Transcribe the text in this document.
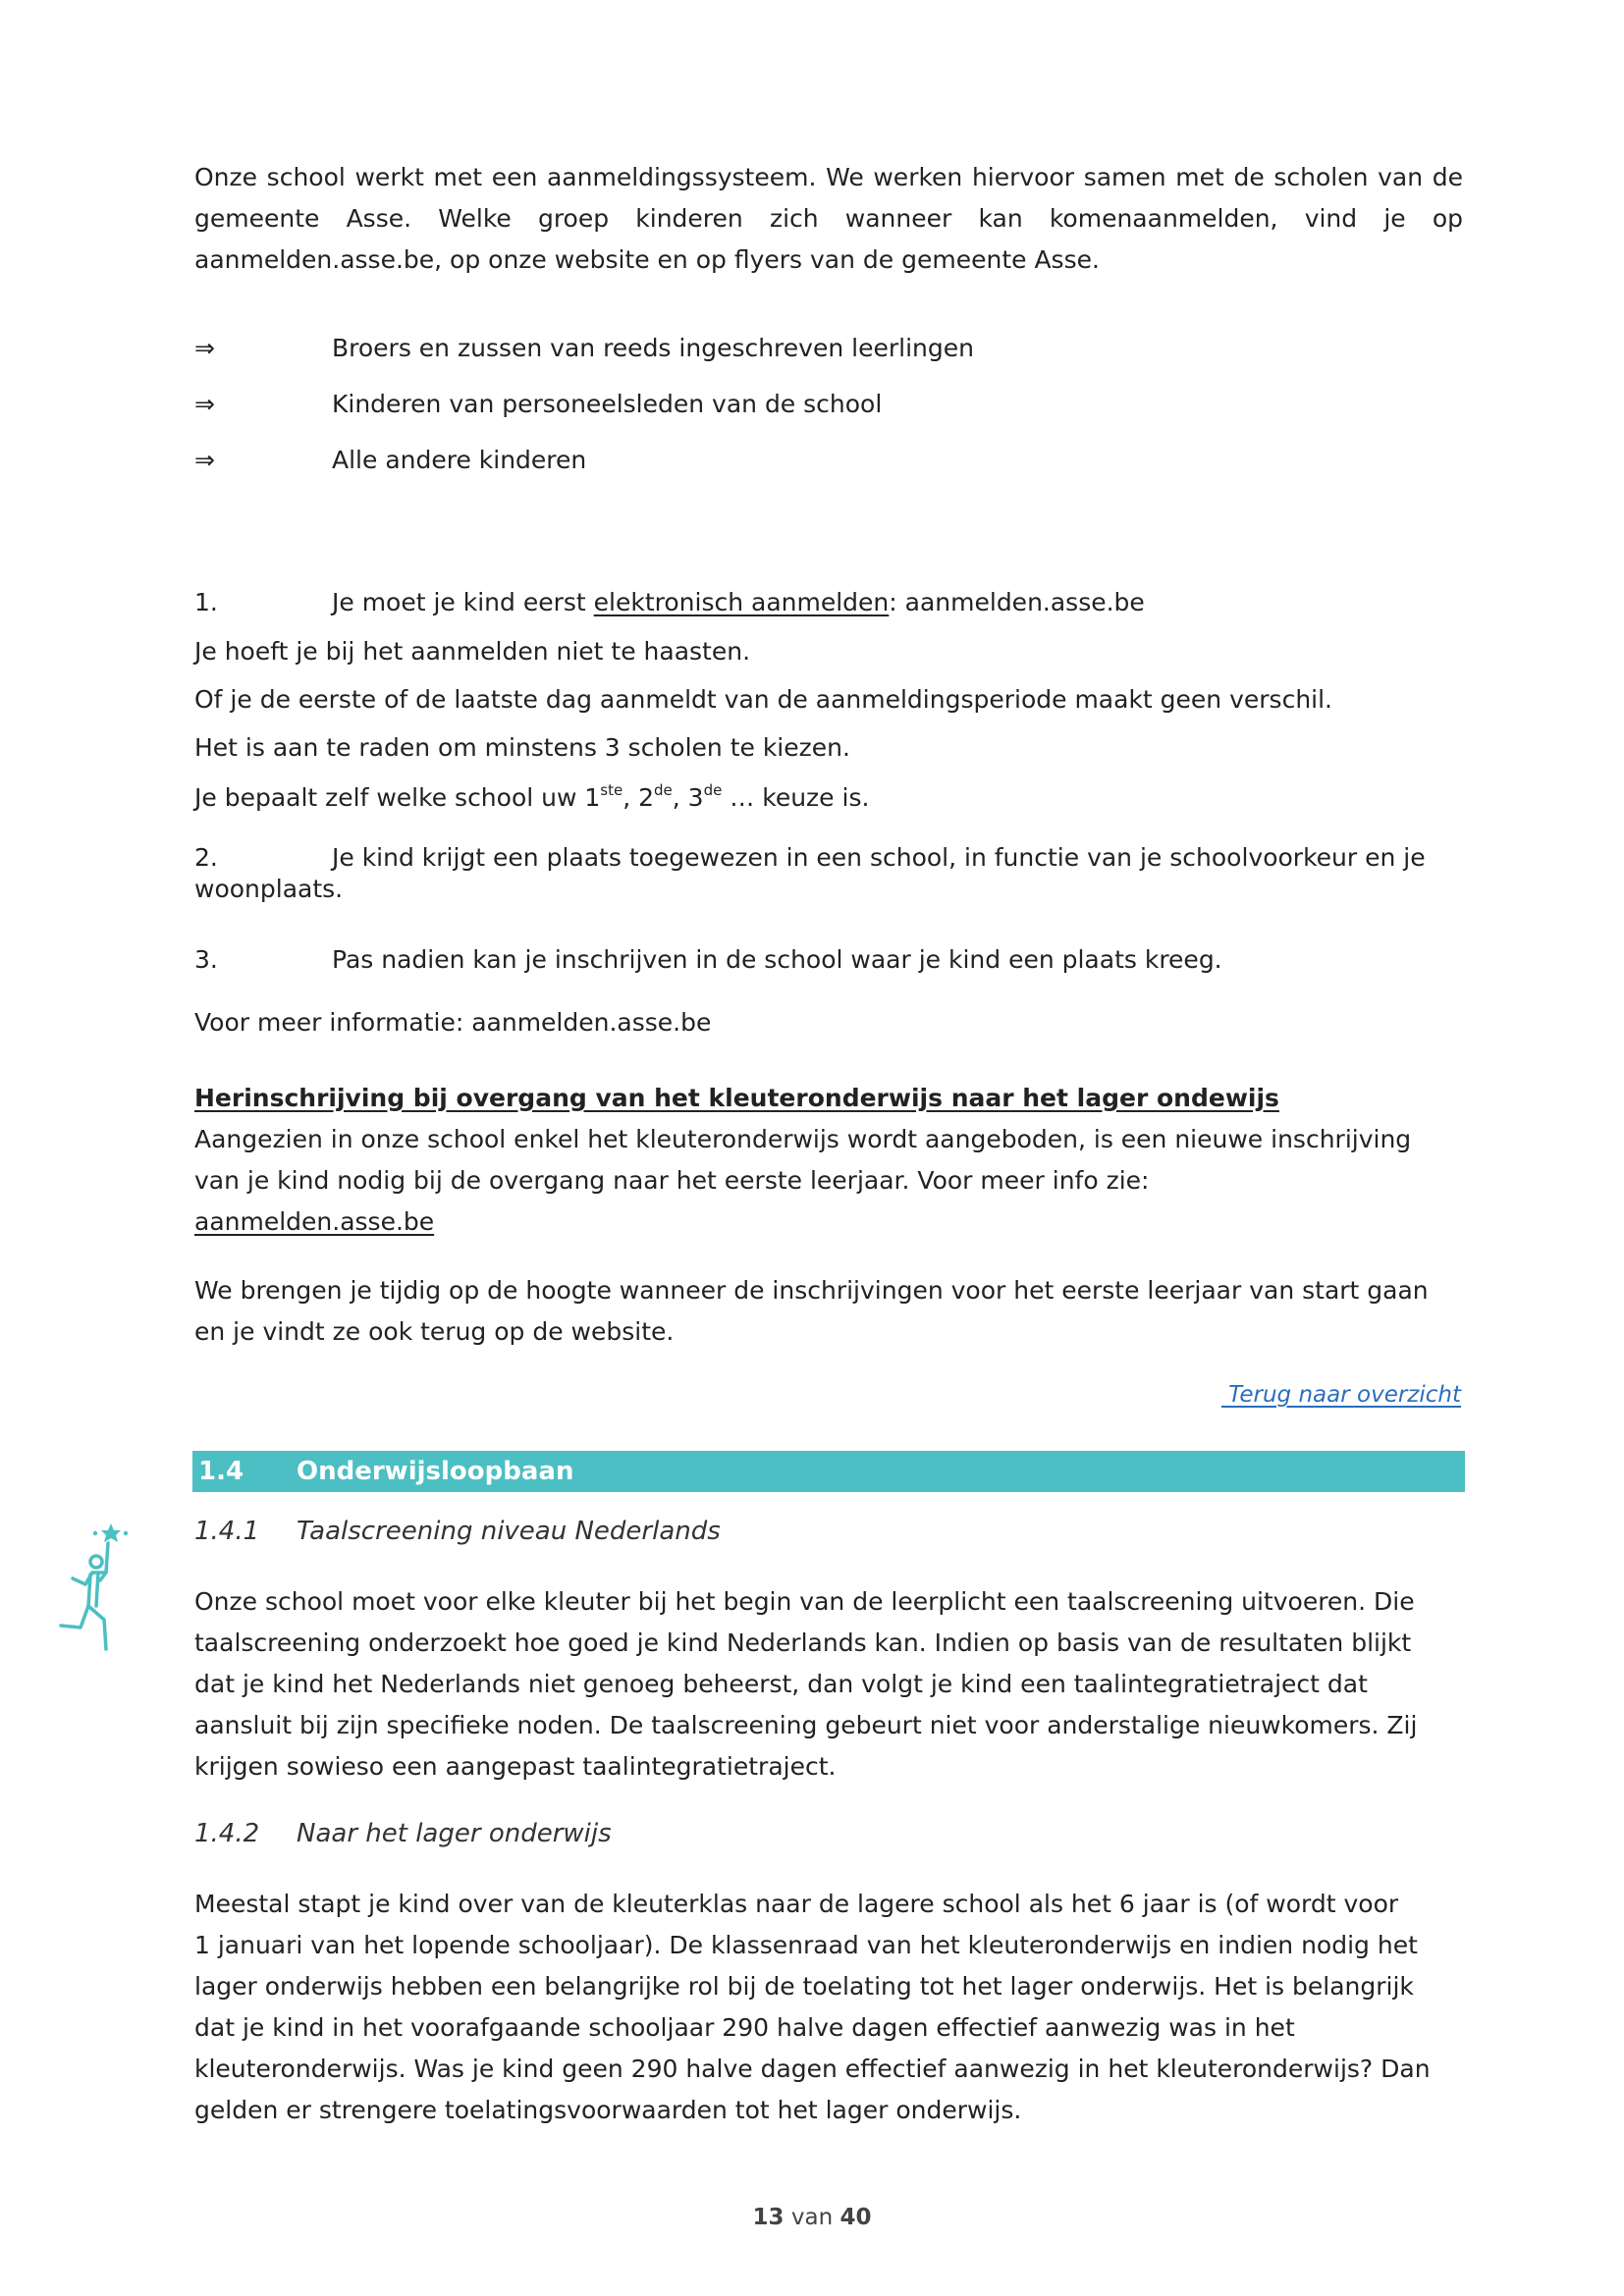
Onze school werkt met een aanmeldingssysteem. We werken hiervoor samen met de scholen van de

gemeente Asse. Welke groep kinderen zich wanneer kan komenaanmelden, vind je op

aanmelden.asse.be, op onze website en op flyers van de gemeente Asse.

⇒	Broers en zussen van reeds ingeschreven leerlingen
⇒	Kinderen van personeelsleden van de school
⇒	Alle andere kinderen
1.	Je moet je kind eerst elektronisch aanmelden: aanmelden.asse.be
Je hoeft je bij het aanmelden niet te haasten.
Of je de eerste of de laatste dag aanmeldt van de aanmeldingsperiode maakt geen verschil.
Het is aan te raden om minstens 3 scholen te kiezen.
Je bepaalt zelf welke school uw 1ste, 2de, 3de … keuze is.
2.	Je kind krijgt een plaats toegewezen in een school, in functie van je schoolvoorkeur en je
woonplaats.
3.	Pas nadien kan je inschrijven in de school waar je kind een plaats kreeg.
Voor meer informatie: aanmelden.asse.be
Herinschrijving bij overgang van het kleuteronderwijs naar het lager ondewijs
Aangezien in onze school enkel het kleuteronderwijs wordt aangeboden, is een nieuwe inschrijving
van je kind nodig bij de overgang naar het eerste leerjaar. Voor meer info zie:
aanmelden.asse.be
We brengen je tijdig op de hoogte wanneer de inschrijvingen voor het eerste leerjaar van start gaan
en je vindt ze ook terug op de website.
Terug naar overzicht
1.4 Onderwijsloopbaan
1.4.1 Taalscreening niveau Nederlands
Onze school moet voor elke kleuter bij het begin van de leerplicht een taalscreening uitvoeren. Die
taalscreening onderzoekt hoe goed je kind Nederlands kan. Indien op basis van de resultaten blijkt
dat je kind het Nederlands niet genoeg beheerst, dan volgt je kind een taalintegratietraject dat
aansluit bij zijn specifieke noden. De taalscreening gebeurt niet voor anderstalige nieuwkomers. Zij
krijgen sowieso een aangepast taalintegratietraject.
1.4.2 Naar het lager onderwijs
Meestal stapt je kind over van de kleuterklas naar de lagere school als het 6 jaar is (of wordt voor
1 januari van het lopende schooljaar). De klassenraad van het kleuteronderwijs en indien nodig het
lager onderwijs hebben een belangrijke rol bij de toelating tot het lager onderwijs. Het is belangrijk
dat je kind in het voorafgaande schooljaar 290 halve dagen effectief aanwezig was in het
kleuteronderwijs. Was je kind geen 290 halve dagen effectief aanwezig in het kleuteronderwijs? Dan
gelden er strengere toelatingsvoorwaarden tot het lager onderwijs.
13 van 40
